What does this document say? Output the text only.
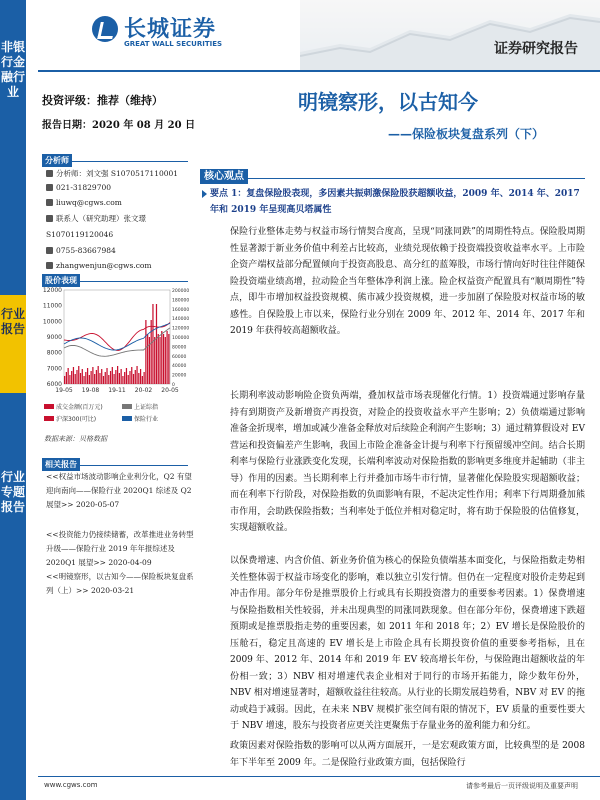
非银行金融行业
行业报告
行业专题报告
长城证券
GREAT WALL SECURITIES	证券研究报告
投资评级：推荐（维持）
报告日期：2020 年 08 月 20 日
明镜察形，以古知今
——保险板块复盘系列（下）
分析师
分析师：刘文强 S1070517110001
021-31829700
liuwq@cgws.com
联系人（研究助理）张文璟
S1070119120046
0755-83667984
zhangwenjun@cgws.com
股价表现
6000
7000
8000
9000
10000
11000
12000
0
20000
40000
60000
80000
100000
120000
140000
160000
180000
200000
19-05 19-08 19-11 20-02 20-05
成交金额(百万元)	上证综指
沪深300(可比)	保险行业
数据来源：贝格数据
相关报告
<<权益市场波动影响企业利分化，Q2 有望迎向南向——保险行业 2020Q1 综述及 Q2 展望>> 2020-05-07
<<投资能力仍接续储蓄，改革推进业务转型升级——保险行业 2019 年年报综述及 2020Q1 展望>> 2020-04-09
<<明镜察形，以古知今——保险板块复盘系列（上）>> 2020-03-21
核心观点
要点 1：复盘保险股表现，多因素共振刺激保险股获超额收益，2009 年、2014 年、2017 年和 2019 年呈现高贝塔属性
保险行业整体走势与权益市场行情契合度高，呈现“同涨同跌”的周期性特点。保险股周期性显著源于新业务价值中利差占比较高，业绩兑现依赖于投资端投资收益率水平。上市险企资产端权益部分配置倾向于投资高股息、高分红的蓝筹股，市场行情向好时往往伴随保险投资端业绩高增，拉动险企当年整体净利润上涨。险企权益资产配置具有“顺周期性”特点，即牛市增加权益投资规模、熊市减少投资规模，进一步加剧了保险股对权益市场的敏感性。自保险股上市以来，保险行业分别在 2009 年、2012 年、2014 年、2017 年和 2019 年获得较高超额收益。
长期利率波动影响险企资负两端，叠加权益市场表现催化行情。1）投资端通过影响存量持有到期资产及新增资产再投资，对险企的投资收益水平产生影响；2）负债端通过影响准备金折现率，增加或减少准备金释放对后续险企利润产生影响；3）通过精算假设对 EV 营运和投资偏差产生影响，我国上市险企准备金计提与利率下行预留缓冲空间。结合长期利率与保险行业涨跌变化发现，长端利率波动对保险指数的影响更多维度并起辅助（非主导）作用的因素。当长期利率上行并叠加市场牛市行情，显著催化保险股实现超额收益；而在利率下行阶段，对保险指数的负面影响有限，不起决定性作用；利率下行周期叠加熊市作用，会助跌保险指数；当利率处于低位并相对稳定时，将有助于保险股的估值修复，实现超额收益。
以保费增速、内含价值、新业务价值为核心的保险负债端基本面变化，与保险指数走势相关性整体弱于权益市场变化的影响，难以独立引发行情。但仍在一定程度对股价走势起到冲击作用。部分年份是推票股价上行或具有长期投资潜力的重要参考因素。1）保费增速与保险指数相关性较弱，并未出现典型的同涨同跌现象。但在部分年份，保费增速下跌超预期或是推票股指走势的重要因素，如 2011 年和 2018 年；2）EV 增长是保险股价的压舱石，稳定且高速的 EV 增长是上市险企具有长期投资价值的重要参考指标，且在 2009 年、2012 年、2014 年和 2019 年 EV 较高增长年份，与保险跑出超额收益的年份相一致；3）NBV 相对增速代表企业相对于同行的市场开拓能力，除少数年份外，NBV 相对增速显著时，超额收益往往较高。从行业的长期发展趋势看，NBV 对 EV 的拖动或趋于减弱。因此，在未来 NBV 规模扩张空间有限的情况下，EV 质量的重要性要大于 NBV 增速，股东与投资者应更关注更聚焦于存量业务的盈利能力和分红。
政策因素对保险指数的影响可以从两方面展开，一是宏观政策方面，比较典型的是 2008 年下半年至 2009 年。二是保险行业政策方面，包括保险行
www.cgws.com	请参考最后一页评级说明及重要声明
